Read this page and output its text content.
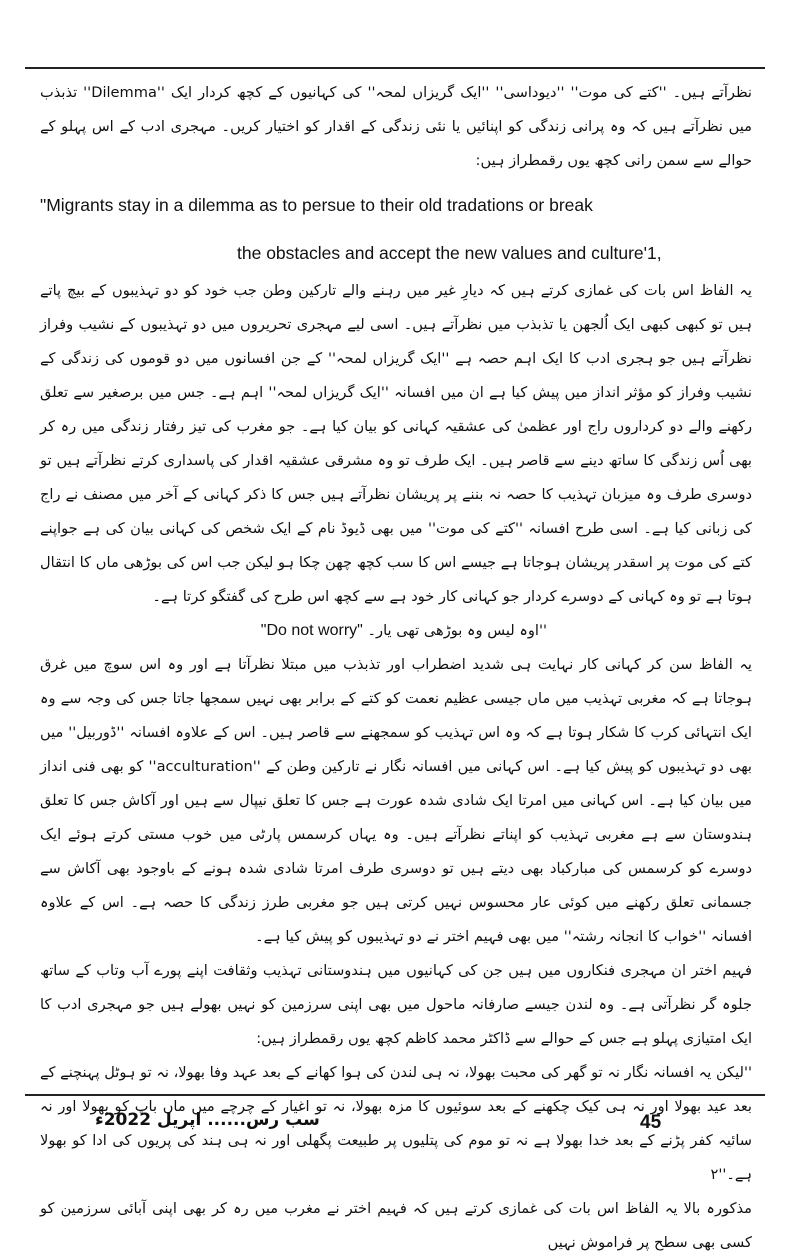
نظرآتے ہیں۔ ''کتے کی موت'' ''دیوداسی'' ''ایک گریزاں لمحہ'' کی کہانیوں کے کچھ کردار ایک ''Dilemma'' تذبذب میں نظرآتے ہیں کہ وہ پرانی زندگی کو اپنائیں یا نئی زندگی کے اقدار کو اختیار کریں۔ مہجری ادب کے اس پہلو کے حوالے سے سمن رانی کچھ یوں رقمطراز ہیں:

"Migrants stay in a dilemma as to persue to their old tradations or break

the obstacles and accept the new values and culture'1,

یہ الفاظ اس بات کی غمازی کرتے ہیں کہ دیارِ غیر میں رہنے والے تارکین وطن جب خود کو دو تہذیبوں کے بیچ پاتے ہیں تو کبھی کبھی ایک اُلجھن یا تذبذب میں نظرآتے ہیں۔ اسی لیے مہجری تحریروں میں دو تہذیبوں کے نشیب وفراز نظرآتے ہیں جو ہجری ادب کا ایک اہم حصہ ہے ''ایک گریزاں لمحہ'' کے جن افسانوں میں دو قوموں کی زندگی کے نشیب وفراز کو مؤثر انداز میں پیش کیا ہے ان میں افسانہ ''ایک گریزاں لمحہ'' اہم ہے۔ جس میں برصغیر سے تعلق رکھنے والے دو کرداروں راج اور عظمیٰ کی عشقیہ کہانی کو بیان کیا ہے۔ جو مغرب کی تیز رفتار زندگی میں رہ کر بھی اُس زندگی کا ساتھ دینے سے قاصر ہیں۔ ایک طرف تو وہ مشرقی عشقیہ اقدار کی پاسداری کرتے نظرآتے ہیں تو دوسری طرف وہ میزبان تہذیب کا حصہ نہ بننے پر پریشان نظرآتے ہیں جس کا ذکر کہانی کے آخر میں مصنف نے راج کی زبانی کیا ہے۔ اسی طرح افسانہ ''کتے کی موت'' میں بھی ڈیوڈ نام کے ایک شخص کی کہانی بیان کی ہے جواپنے کتے کی موت پر اسقدر پریشان ہوجاتا ہے جیسے اس کا سب کچھ چھن چکا ہو لیکن جب اس کی بوڑھی ماں کا انتقال ہوتا ہے تو وہ کہانی کے دوسرے کردار جو کہانی کار خود ہے سے کچھ اس طرح کی گفتگو کرتا ہے۔

''اوہ لیس وہ بوڑھی تھی یار۔ "Do not worry"

یہ الفاظ سن کر کہانی کار نہایت ہی شدید اضطراب اور تذبذب میں مبتلا نظرآتا ہے اور وہ اس سوچ میں غرق ہوجاتا ہے کہ مغربی تہذیب میں ماں جیسی عظیم نعمت کو کتے کے برابر بھی نہیں سمجھا جاتا جس کی وجہ سے وہ ایک انتہائی کرب کا شکار ہوتا ہے کہ وہ اس تہذیب کو سمجھنے سے قاصر ہیں۔ اس کے علاوہ افسانہ ''ڈوربیل'' میں بھی دو تہذیبوں کو پیش کیا ہے۔ اس کہانی میں افسانہ نگار نے تارکین وطن کے ''acculturation'' کو بھی فنی انداز میں بیان کیا ہے۔ اس کہانی میں امرتا ایک شادی شدہ عورت ہے جس کا تعلق نیپال سے ہیں اور آکاش جس کا تعلق ہندوستان سے ہے مغربی تہذیب کو اپناتے نظرآتے ہیں۔ وہ یہاں کرسمس پارٹی میں خوب مستی کرتے ہوئے ایک دوسرے کو کرسمس کی مبارکباد بھی دیتے ہیں تو دوسری طرف امرتا شادی شدہ ہونے کے باوجود بھی آکاش سے جسمانی تعلق رکھنے میں کوئی عار محسوس نہیں کرتی ہیں جو مغربی طرز زندگی کا حصہ ہے۔ اس کے علاوہ افسانہ ''خواب کا انجانہ رشتہ'' میں بھی فہیم اختر نے دو تہذیبوں کو پیش کیا ہے۔

فہیم اختر ان مہجری فنکاروں میں ہیں جن کی کہانیوں میں ہندوستانی تہذیب وثقافت اپنے پورے آب وتاب کے ساتھ جلوہ گر نظرآتی ہے۔ وہ لندن جیسے صارفانہ ماحول میں بھی اپنی سرزمین کو نہیں بھولے ہیں جو مہجری ادب کا ایک امتیازی پہلو ہے جس کے حوالے سے ڈاکٹر محمد کاظم کچھ یوں رقمطراز ہیں:

''لیکن یہ افسانہ نگار نہ تو گھر کی محبت بھولا، نہ ہی لندن کی ہوا کھانے کے بعد عہد وفا بھولا، نہ تو ہوٹل پہنچنے کے بعد عید بھولا اور نہ ہی کیک چکھنے کے بعد سوئیوں کا مزہ بھولا، نہ تو اغیار کے چرچے میں ماں باپ کو بھولا اور نہ سائیہ کفر پڑنے کے بعد خدا بھولا ہے نہ تو موم کی پتلیوں پر طبیعت پگھلی اور نہ ہی ہند کی پریوں کی ادا کو بھولا ہے۔''٢

مذکورہ بالا یہ الفاظ اس بات کی غمازی کرتے ہیں کہ فہیم اختر نے مغرب میں رہ کر بھی اپنی آبائی سرزمین کو کسی بھی سطح پر فراموش نہیں

سب رس...... اپریل 2022ء	45
